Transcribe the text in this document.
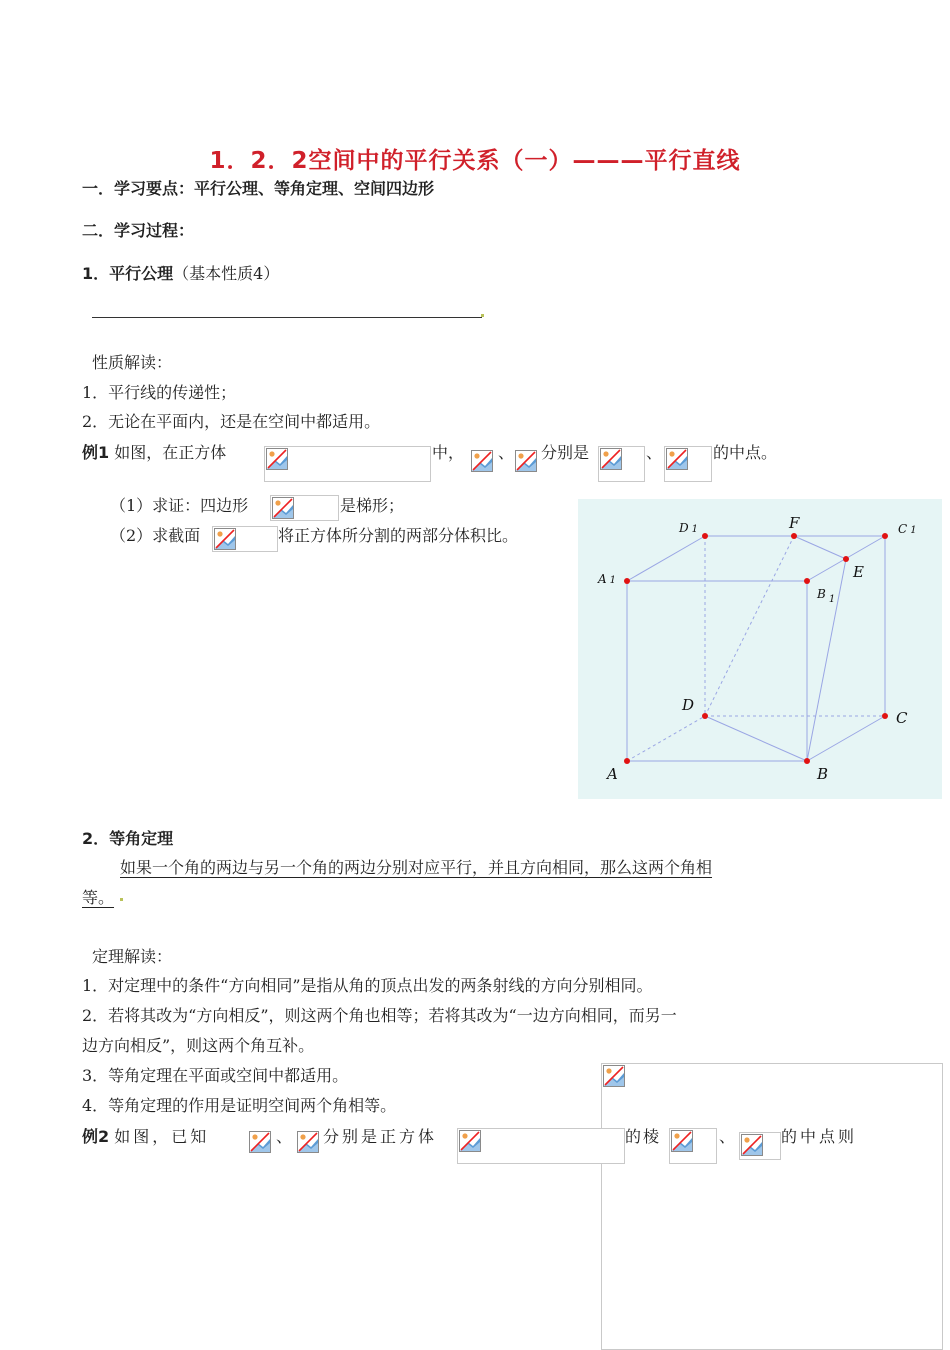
1．2．2空间中的平行关系（一）———平行直线
一．学习要点：平行公理、等角定理、空间四边形
二．学习过程：
1．平行公理（基本性质4）
性质解读：
1．平行线的传递性；
2．无论在平面内，还是在空间中都适用。
例1 如图，在正方体	中， 、 分别是	、	的中点。
（1）求证：四边形	是梯形；
（2）求截面	将正方体所分割的两部分体积比。	D 1	F	C 1
E
A 1
B $_1$
D
C
A	B
2．等角定理
如果一个角的两边与另一个角的两边分别对应平行，并且方向相同，那么这两个角相
等。
定理解读：
1．对定理中的条件“方向相同”是指从角的顶点出发的两条射线的方向分别相同。
2．若将其改为“方向相反”，则这两个角也相等；若将其改为“一边方向相同，而另一
边方向相反”，则这两个角互补。
3．等角定理在平面或空间中都适用。
4．等角定理的作用是证明空间两个角相等。
例2 如图，已知	、 分别是正方体	的棱	、	的中点则
